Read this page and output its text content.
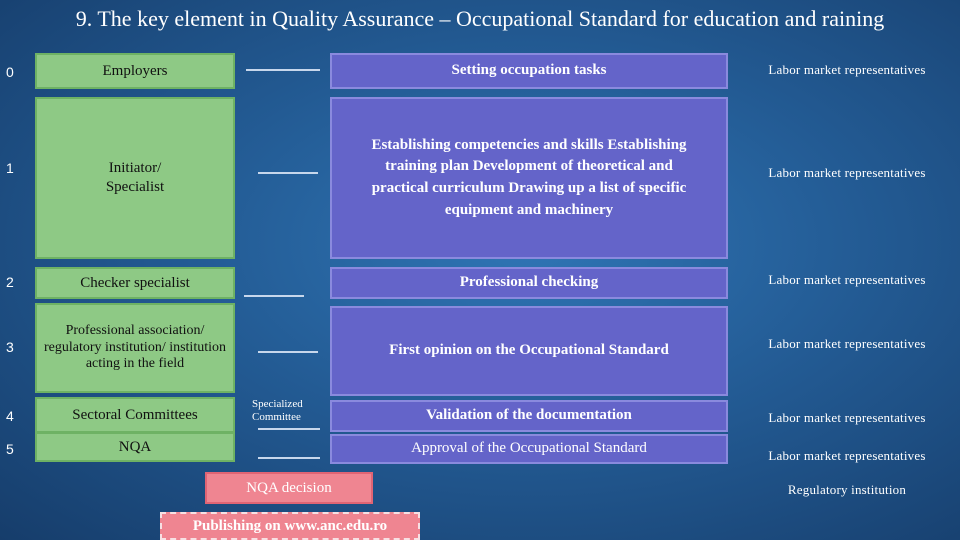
9. The key element in Quality Assurance – Occupational Standard for education and raining
0
1
2
3
4
5
Employers
Initiator/ Specialist
Checker specialist
Professional association/ regulatory institution/ institution acting in the field
Sectoral Committees
NQA
Specialized Committee
Setting occupation tasks
Establishing competencies and skills Establishing training plan Development of theoretical and practical curriculum Drawing up a list of specific equipment and machinery
Professional checking
First opinion on the Occupational Standard
Validation of the documentation
Approval of the Occupational Standard
Labor market representatives
Labor market representatives
Labor market representatives
Labor market representatives
Labor market representatives
Labor market representatives
Regulatory institution
NQA decision
Publishing on www.anc.edu.ro
